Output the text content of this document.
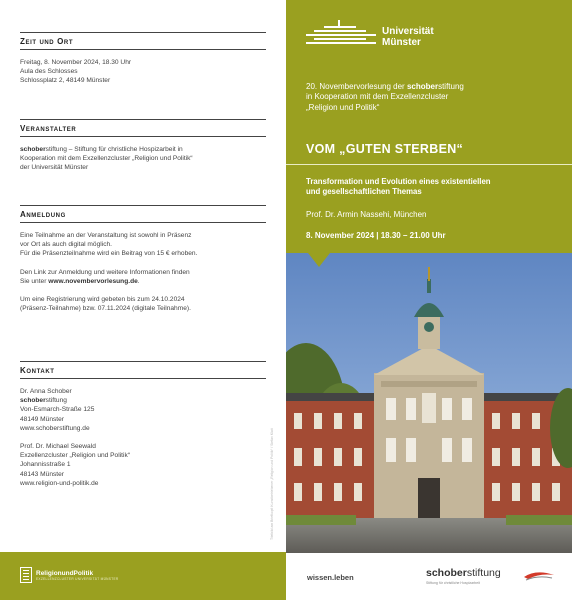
Zeit und Ort
Freitag, 8. November 2024, 18.30 Uhr
Aula des Schlosses
Schlossplatz 2, 48149 Münster
Veranstalter
schoberstiftung – Stiftung für christliche Hospizarbeit in
Kooperation mit dem Exzellenzcluster „Religion und Politik“
der Universität Münster
Anmeldung

Eine Teilnahme an der Veranstaltung ist sowohl in Präsenz
vor Ort als auch digital möglich.
Für die Präsenzteilnahme wird ein Beitrag von 15 € erhoben.

Den Link zur Anmeldung und weitere Informationen finden
Sie unter www.novembervorlesung.de.

Um eine Registrierung wird gebeten bis zum 24.10.2024
(Präsenz-Teilnahme) bzw. 07.11.2024 (digitale Teilnahme).

Kontakt

Dr. Anna Schober
schoberstiftung
Von-Esmarch-Straße 125
48149 Münster
www.schoberstiftung.de

Prof. Dr. Michael Seewald
Exzellenzcluster „Religion und Politik“
Johannisstraße 1
48143 Münster
www.religion-und-politik.de	Titelbild am Briefkopf: Kunstbetriebener „Religion und Politik“ / Stefan Klatt
ReligionundPolitik
EXZELLENZCLUSTER UNIVERSITÄT MÜNSTER
Universität
Münster
20. Novembervorlesung der schoberstiftung
in Kooperation mit dem Exzellenzcluster
„Religion und Politik“
VOM „GUTEN STERBEN“
Transformation und Evolution eines existentiellen
und gesellschaftlichen Themas
Prof. Dr. Armin Nassehi, München
8. November 2024 | 18.30 – 21.00 Uhr
wissen.leben	schoberstiftung
Stiftung für christliche Hospizarbeit
